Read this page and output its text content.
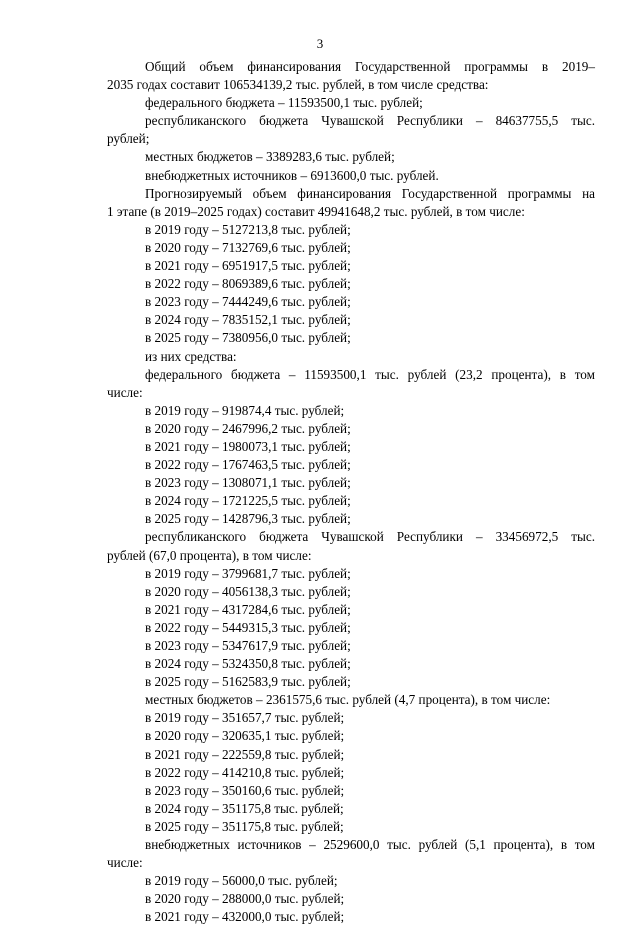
3
Общий объем финансирования Государственной программы в 2019–
2035 годах составит 106534139,2 тыс. рублей, в том числе средства:
федерального бюджета – 11593500,1 тыс. рублей;
республиканского бюджета Чувашской Республики – 84637755,5 тыс.
рублей;
местных бюджетов – 3389283,6 тыс. рублей;
внебюджетных источников – 6913600,0 тыс. рублей.
Прогнозируемый объем финансирования Государственной программы на
1 этапе (в 2019–2025 годах) составит 49941648,2 тыс. рублей, в том числе:
в 2019 году – 5127213,8 тыс. рублей;
в 2020 году – 7132769,6 тыс. рублей;
в 2021 году – 6951917,5 тыс. рублей;
в 2022 году – 8069389,6 тыс. рублей;
в 2023 году – 7444249,6 тыс. рублей;
в 2024 году – 7835152,1 тыс. рублей;
в 2025 году – 7380956,0 тыс. рублей;
из них средства:
федерального бюджета – 11593500,1 тыс. рублей (23,2 процента), в том
числе:
в 2019 году – 919874,4 тыс. рублей;
в 2020 году – 2467996,2 тыс. рублей;
в 2021 году – 1980073,1 тыс. рублей;
в 2022 году – 1767463,5 тыс. рублей;
в 2023 году – 1308071,1 тыс. рублей;
в 2024 году – 1721225,5 тыс. рублей;
в 2025 году – 1428796,3 тыс. рублей;
республиканского бюджета Чувашской Республики – 33456972,5 тыс.
рублей (67,0 процента), в том числе:
в 2019 году – 3799681,7 тыс. рублей;
в 2020 году – 4056138,3 тыс. рублей;
в 2021 году – 4317284,6 тыс. рублей;
в 2022 году – 5449315,3 тыс. рублей;
в 2023 году – 5347617,9 тыс. рублей;
в 2024 году – 5324350,8 тыс. рублей;
в 2025 году – 5162583,9 тыс. рублей;
местных бюджетов – 2361575,6 тыс. рублей (4,7 процента), в том числе:
в 2019 году – 351657,7 тыс. рублей;
в 2020 году – 320635,1 тыс. рублей;
в 2021 году – 222559,8 тыс. рублей;
в 2022 году – 414210,8 тыс. рублей;
в 2023 году – 350160,6 тыс. рублей;
в 2024 году – 351175,8 тыс. рублей;
в 2025 году – 351175,8 тыс. рублей;
внебюджетных источников – 2529600,0 тыс. рублей (5,1 процента), в том
числе:
в 2019 году – 56000,0 тыс. рублей;
в 2020 году – 288000,0 тыс. рублей;
в 2021 году – 432000,0 тыс. рублей;
